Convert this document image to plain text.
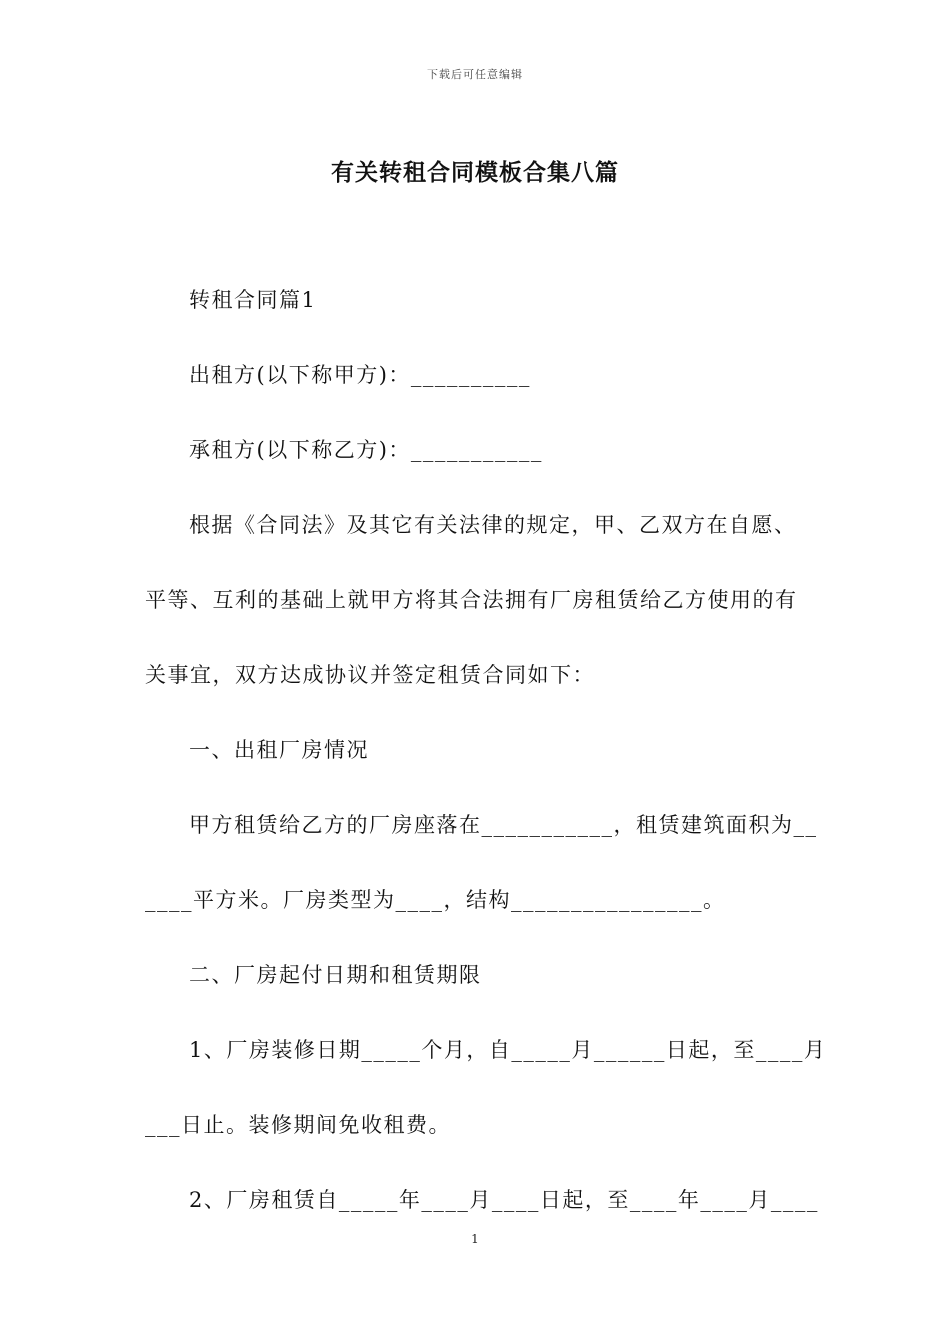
下载后可任意编辑
有关转租合同模板合集八篇
转租合同篇1
出租方(以下称甲方)：__________
承租方(以下称乙方)：___________
根据《合同法》及其它有关法律的规定，甲、乙双方在自愿、
平等、互利的基础上就甲方将其合法拥有厂房租赁给乙方使用的有
关事宜，双方达成协议并签定租赁合同如下：
一、出租厂房情况
甲方租赁给乙方的厂房座落在___________，租赁建筑面积为__
____平方米。厂房类型为____，结构________________。
二、厂房起付日期和租赁期限
1、厂房装修日期_____个月，自_____月______日起，至____月
___日止。装修期间免收租费。
2、厂房租赁自_____年____月____日起，至____年____月____
1
